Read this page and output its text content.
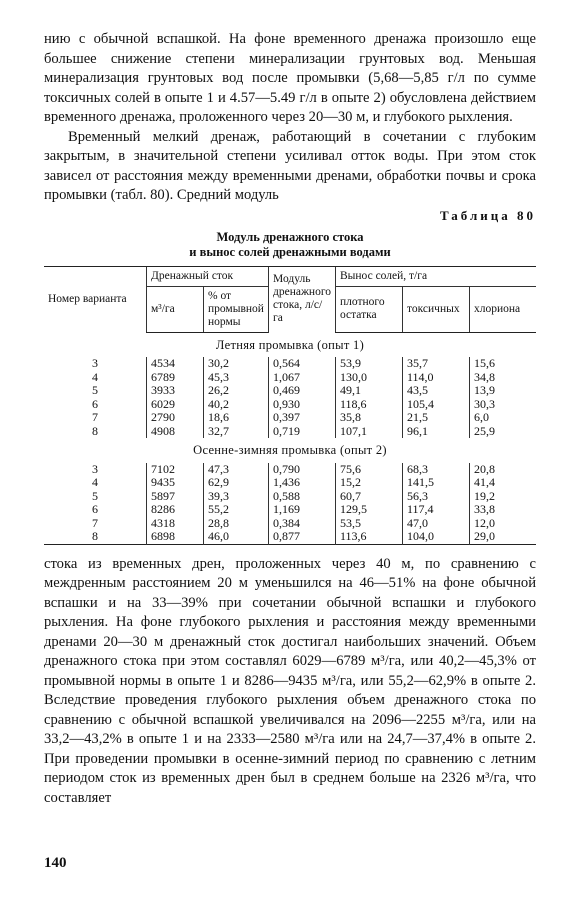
нию с обычной вспашкой. На фоне временного дренажа произошло еще большее снижение степени минерализации грунтовых вод. Меньшая минерализация грунтовых вод после промывки (5,68—5,85 г/л по сумме токсичных солей в опыте 1 и 4.57—5.49 г/л в опыте 2) обусловлена действием временного дренажа, проложенного через 20—30 м, и глубокого рыхления.

Временный мелкий дренаж, работающий в сочетании с глубоким закрытым, в значительной степени усиливал отток воды. При этом сток зависел от расстояния между временными дренами, обработки почвы и срока промывки (табл. 80). Средний модуль

Таблица 80
Модуль дренажного стока
и вынос солей дренажными водами
Номер варианта	Дренажный сток		Модуль дренажного стока, л/с/га	Вынос солей, т/га		
	м³/га	% от промывной нормы		плотного остатка	токсичных	хлориона
Летняя промывка (опыт 1)						
3	4534	30,2	0,564	53,9	35,7	15,6
4	6789	45,3	1,067	130,0	114,0	34,8
5	3933	26,2	0,469	49,1	43,5	13,9
6	6029	40,2	0,930	118,6	105,4	30,3
7	2790	18,6	0,397	35,8	21,5	6,0
8	4908	32,7	0,719	107,1	96,1	25,9
Осенне-зимняя промывка (опыт 2)						
3	7102	47,3	0,790	75,6	68,3	20,8
4	9435	62,9	1,436	15,2	141,5	41,4
5	5897	39,3	0,588	60,7	56,3	19,2
6	8286	55,2	1,169	129,5	117,4	33,8
7	4318	28,8	0,384	53,5	47,0	12,0
8	6898	46,0	0,877	113,6	104,0	29,0

стока из временных дрен, проложенных через 40 м, по сравнению с междренным расстоянием 20 м уменьшился на 46—51% на фоне обычной вспашки и на 33—39% при сочетании обычной вспашки и глубокого рыхления. На фоне глубокого рыхления и расстояния между временными дренами 20—30 м дренажный сток достигал наибольших значений. Объем дренажного стока при этом составлял 6029—6789 м³/га, или 40,2—45,3% от промывной нормы в опыте 1 и 8286—9435 м³/га, или 55,2—62,9% в опыте 2. Вследствие проведения глубокого рыхления объем дренажного стока по сравнению с обычной вспашкой увеличивался на 2096—2255 м³/га, или на 33,2—43,2% в опыте 1 и на 2333—2580 м³/га или на 24,7—37,4% в опыте 2. При проведении промывки в осенне-зимний период по сравнению с летним периодом сток из временных дрен был в среднем больше на 2326 м³/га, что составляет

140
